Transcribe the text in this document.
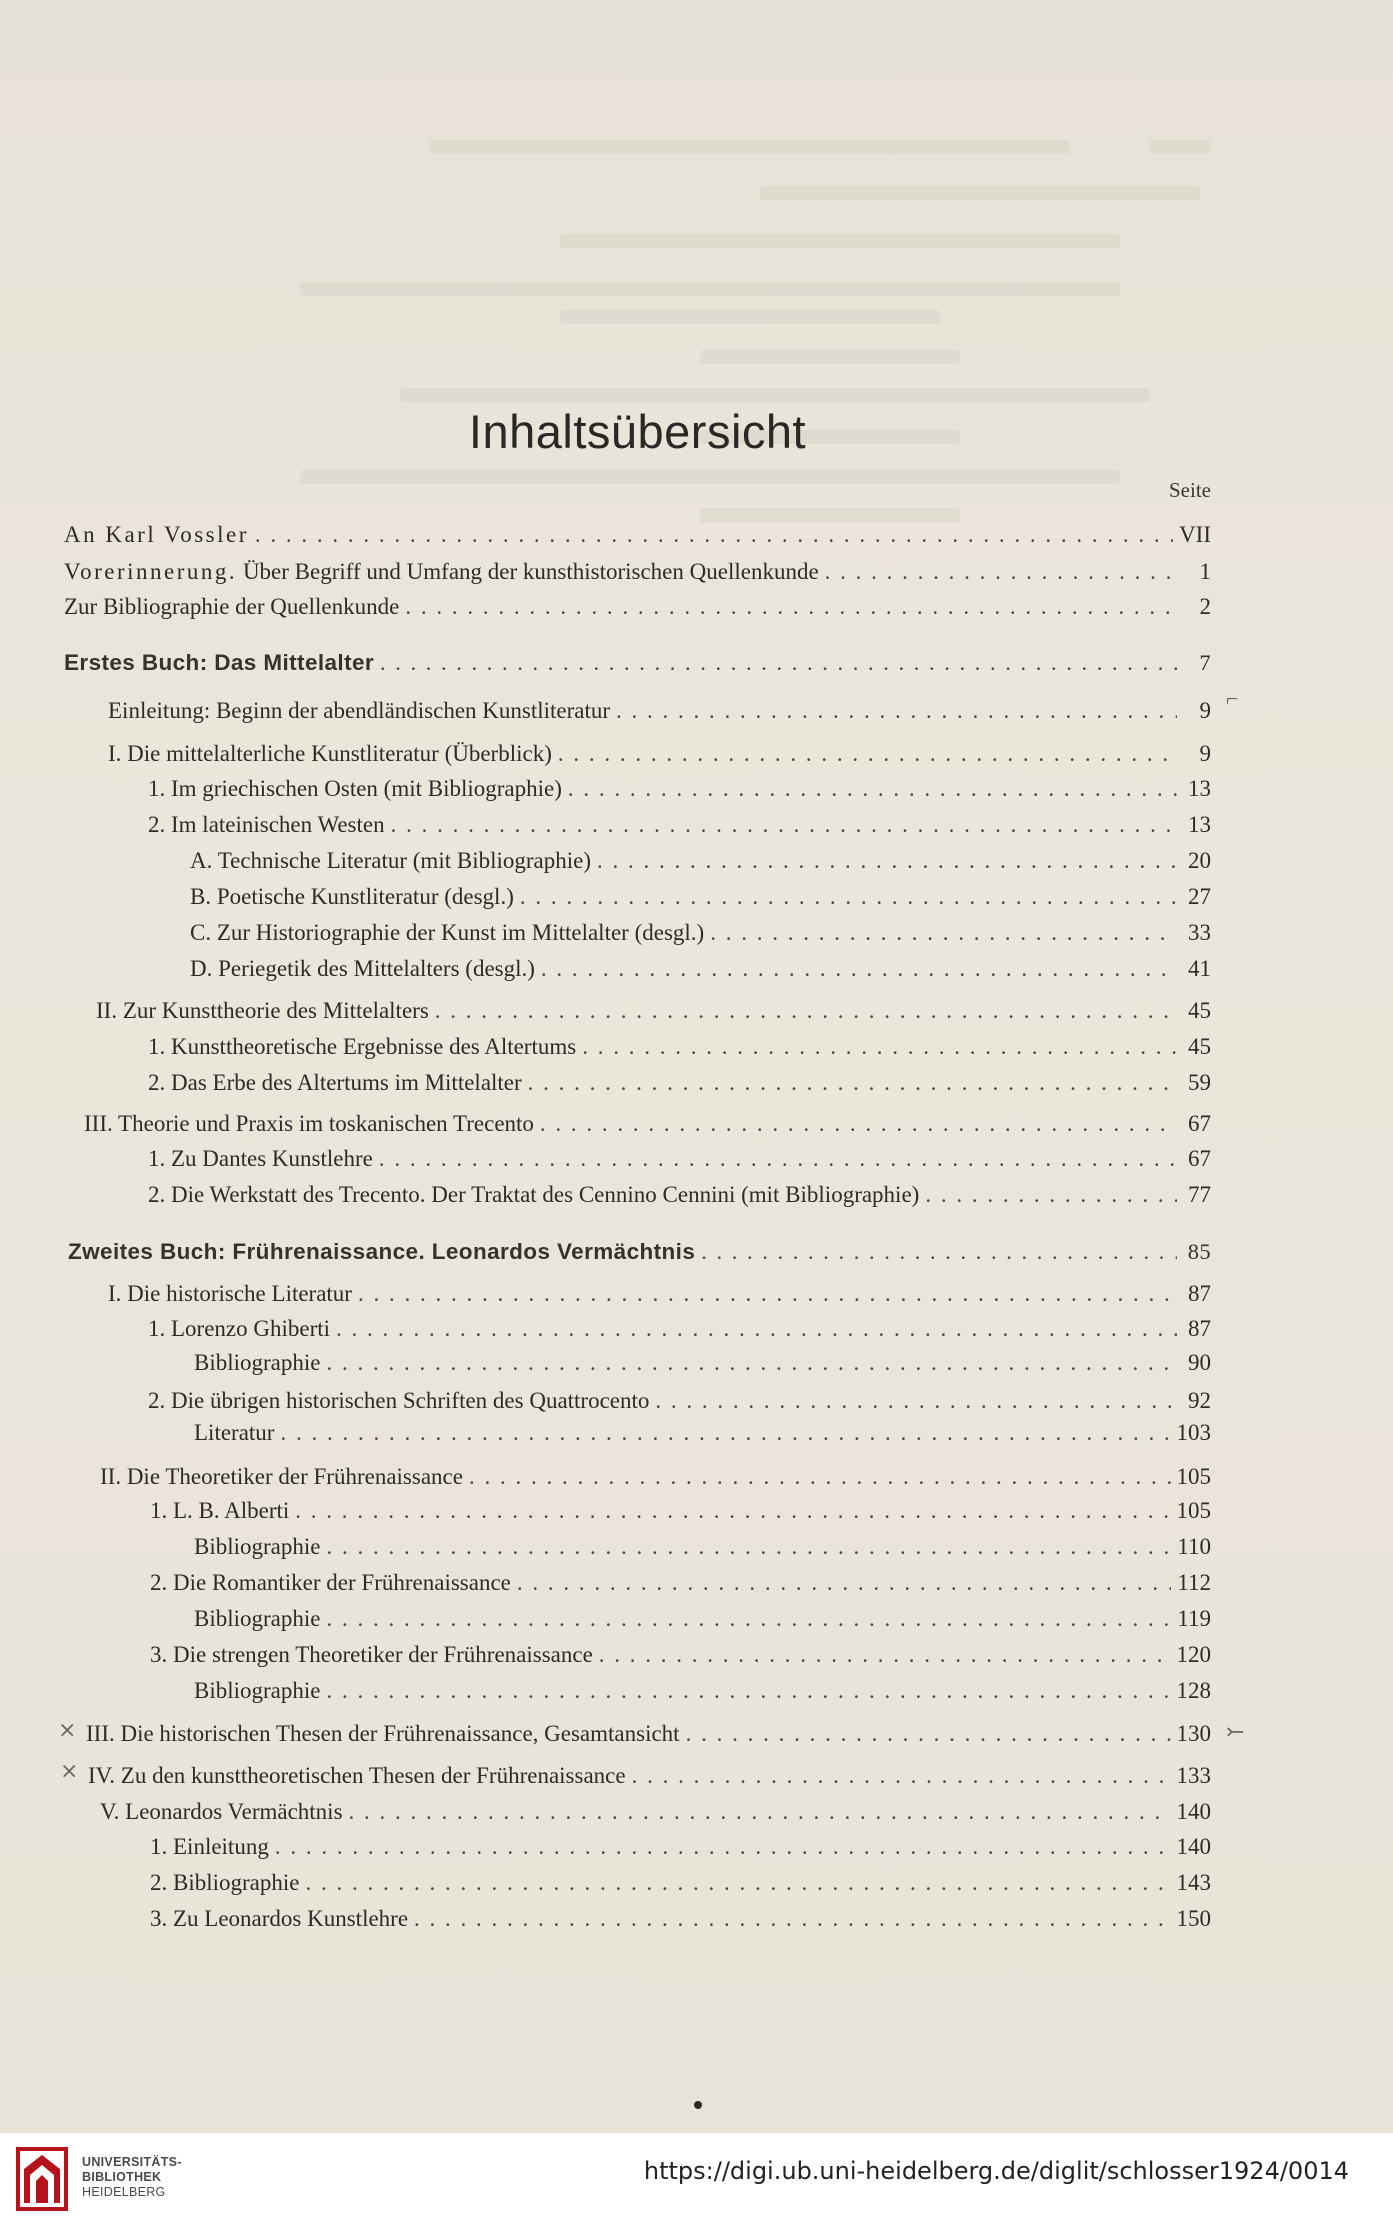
Inhaltsübersicht
Seite
An Karl Vossler . . .	VII
Vorerinnerung. Über Begriff und Umfang der kunsthistorischen Quellenkunde . . .	1
Zur Bibliographie der Quellenkunde . . .	2
Erstes Buch: Das Mittelalter . . .	7
Einleitung: Beginn der abendländischen Kunstliteratur . . .	9
I. Die mittelalterliche Kunstliteratur (Überblick) . . .	9
1. Im griechischen Osten (mit Bibliographie) . . .	13
2. Im lateinischen Westen . . .	13
A. Technische Literatur (mit Bibliographie) . . .	20
B. Poetische Kunstliteratur (desgl.) . . .	27
C. Zur Historiographie der Kunst im Mittelalter (desgl.) . . .	33
D. Periegetik des Mittelalters (desgl.) . . .	41
II. Zur Kunsttheorie des Mittelalters . . .	45
1. Kunsttheoretische Ergebnisse des Altertums . . .	45
2. Das Erbe des Altertums im Mittelalter . . .	59
III. Theorie und Praxis im toskanischen Trecento . . .	67
1. Zu Dantes Kunstlehre . . .	67
2. Die Werkstatt des Trecento. Der Traktat des Cennino Cennini (mit Bibliographie) . . .	77
Zweites Buch: Frührenaissance. Leonardos Vermächtnis . . .	85
I. Die historische Literatur . . .	87
1. Lorenzo Ghiberti . . .	87
Bibliographie . . .	90
2. Die übrigen historischen Schriften des Quattrocento . . .	92
Literatur . . .	103
II. Die Theoretiker der Frührenaissance . . .	105
1. L. B. Alberti . . .	105
Bibliographie . . .	110
2. Die Romantiker der Frührenaissance . . .	112
Bibliographie . . .	119
3. Die strengen Theoretiker der Frührenaissance . . .	120
Bibliographie . . .	128
III. Die historischen Thesen der Frührenaissance, Gesamtansicht . . .	130
IV. Zu den kunsttheoretischen Thesen der Frührenaissance . . .	133
V. Leonardos Vermächtnis . . .	140
1. Einleitung . . .	140
2. Bibliographie . . .	143
3. Zu Leonardos Kunstlehre . . .	150
⨯
⨯
⤚
⌐
UNIVERSITÄTS-
BIBLIOTHEK
HEIDELBERG
https://digi.ub.uni-heidelberg.de/diglit/schlosser1924/0014
